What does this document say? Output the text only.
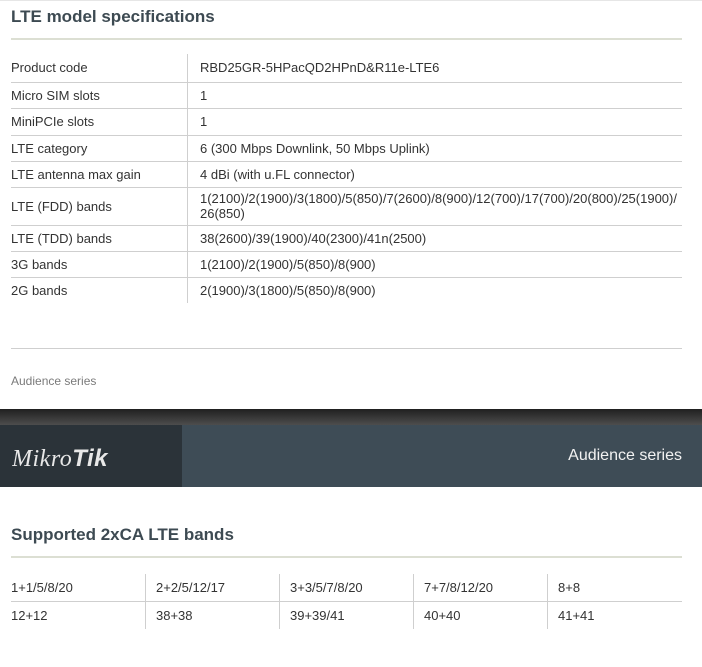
LTE model specifications
Product code	RBD25GR-5HPacQD2HPnD&R11e-LTE6
Micro SIM slots	1
MiniPCIe slots	1
LTE category	6 (300 Mbps Downlink, 50 Mbps Uplink)
LTE antenna max gain	4 dBi (with u.FL connector)
LTE (FDD) bands	1(2100)/2(1900)/3(1800)/5(850)/7(2600)/8(900)/12(700)/17(700)/20(800)/25(1900)/ 26(850)
LTE (TDD) bands	38(2600)/39(1900)/40(2300)/41n(2500)
3G bands	1(2100)/2(1900)/5(850)/8(900)
2G bands	2(1900)/3(1800)/5(850)/8(900)
Audience series
MikroTik	Audience series
Supported 2xCA LTE bands
1+1/5/8/20	2+2/5/12/17	3+3/5/7/8/20	7+7/8/12/20	8+8
12+12	38+38	39+39/41	40+40	41+41
